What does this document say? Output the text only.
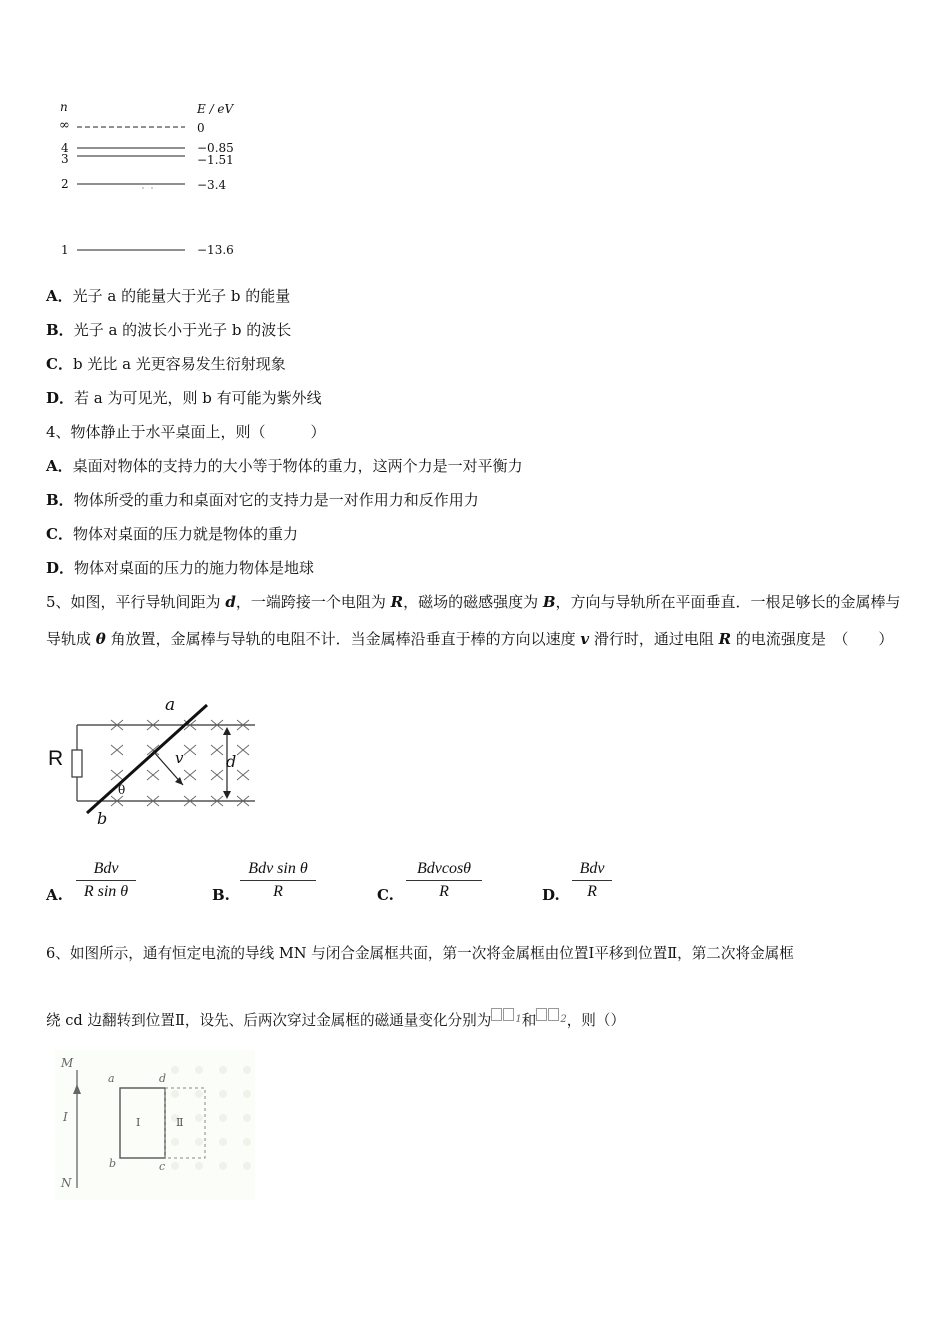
n	E / eV
∞	0
4	−0.85
3	−1.51
2	−3.4
1	−13.6
A．光子 a 的能量大于光子 b 的能量
B．光子 a 的波长小于光子 b 的波长
C．b 光比 a 光更容易发生衍射现象
D．若 a 为可见光，则 b 有可能为紫外线
4、物体静止于水平桌面上，则（　　　）
A．桌面对物体的支持力的大小等于物体的重力，这两个力是一对平衡力
B．物体所受的重力和桌面对它的支持力是一对作用力和反作用力
C．物体对桌面的压力就是物体的重力
D．物体对桌面的压力的施力物体是地球
5、如图，平行导轨间距为 d，一端跨接一个电阻为 R，磁场的磁感强度为 B，方向与导轨所在平面垂直．一根足够长的金属棒与导轨成 θ 角放置，金属棒与导轨的电阻不计．当金属棒沿垂直于棒的方向以速度 v 滑行时，通过电阻 R 的电流强度是　（　　）
R
a
b
v	d
θ
A.
Bdv
R sin θ	B.
Bdv sin θ
R	C.
Bdvcosθ
R	D.
Bdv
R
6、如图所示，通有恒定电流的导线 MN 与闭合金属框共面，第一次将金属框由位置Ⅰ平移到位置Ⅱ，第二次将金属框
绕 cd 边翻转到位置Ⅱ，设先、后两次穿过金属框的磁通量变化分别为 $^1$和 $^2$，则（）
M
N
I
a	d
b	c
Ⅰ	Ⅱ
